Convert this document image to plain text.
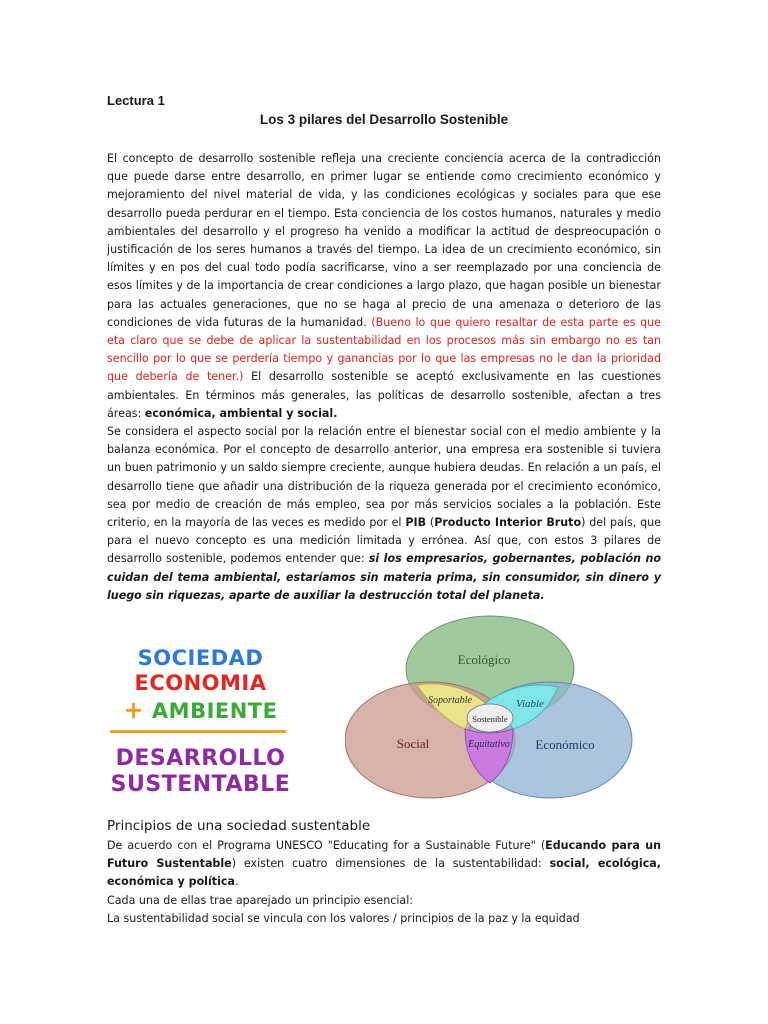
Lectura 1
Los 3 pilares del Desarrollo Sostenible

El concepto de desarrollo sostenible refleja una creciente conciencia acerca de la contradicción que puede darse entre desarrollo, en primer lugar se entiende como crecimiento económico y mejoramiento del nivel material de vida, y las condiciones ecológicas y sociales para que ese desarrollo pueda perdurar en el tiempo. Esta conciencia de los costos humanos, naturales y medio ambientales del desarrollo y el progreso ha venido a modificar la actitud de despreocupación o justificación de los seres humanos a través del tiempo. La idea de un crecimiento económico, sin límites y en pos del cual todo podía sacrificarse, vino a ser reemplazado por una conciencia de esos límites y de la importancia de crear condiciones a largo plazo, que hagan posible un bienestar para las actuales generaciones, que no se haga al precio de una amenaza o deterioro de las condiciones de vida futuras de la humanidad. (Bueno lo que quiero resaltar de esta parte es que eta claro que se debe de aplicar la sustentabilidad en los procesos más sin embargo no es tan sencillo por lo que se perdería tiempo y ganancias por lo que las empresas no le dan la prioridad que debería de tener.) El desarrollo sostenible se aceptó exclusivamente en las cuestiones ambientales. En términos más generales, las políticas de desarrollo sostenible, afectan a tres áreas: económica, ambiental y social.

Se considera el aspecto social por la relación entre el bienestar social con el medio ambiente y la balanza económica. Por el concepto de desarrollo anterior, una empresa era sostenible si tuviera un buen patrimonio y un saldo siempre creciente, aunque hubiera deudas. En relación a un país, el desarrollo tiene que añadir una distribución de la riqueza generada por el crecimiento económico, sea por medio de creación de más empleo, sea por más servicios sociales a la población. Este criterio, en la mayoría de las veces es medido por el PIB (Producto Interior Bruto) del país, que para el nuevo concepto es una medición limitada y errónea. Así que, con estos 3 pilares de desarrollo sostenible, podemos entender que: si los empresarios, gobernantes, población no cuidan del tema ambiental, estaríamos sin materia prima, sin consumidor, sin dinero y luego sin riquezas, aparte de auxiliar la destrucción total del planeta.

SOCIEDAD
ECONOMIA
+ AMBIENTE
DESARROLLO
SUSTENTABLE
Ecológico
Social	Económico
Soportable	Viable
Equitativo
Sostenible
Principios de una sociedad sustentable

De acuerdo con el Programa UNESCO "Educating for a Sustainable Future" (Educando para un Futuro Sustentable) existen cuatro dimensiones de la sustentabilidad: social, ecológica, económica y política.

Cada una de ellas trae aparejado un principio esencial:

La sustentabilidad social se vincula con los valores / principios de la paz y la equidad
